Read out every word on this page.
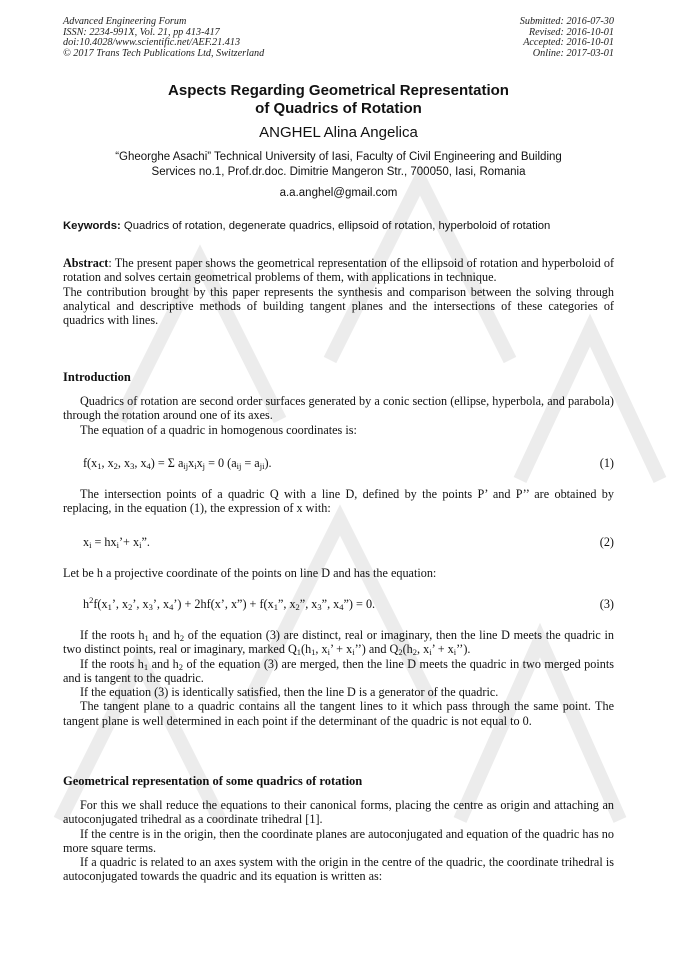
Advanced Engineering Forum
ISSN: 2234-991X, Vol. 21, pp 413-417
doi:10.4028/www.scientific.net/AEF.21.413
© 2017 Trans Tech Publications Ltd, Switzerland
Submitted: 2016-07-30
Revised: 2016-10-01
Accepted: 2016-10-01
Online: 2017-03-01
Aspects Regarding Geometrical Representation
of Quadrics of Rotation
ANGHEL Alina Angelica
“Gheorghe Asachi” Technical University of Iasi, Faculty of Civil Engineering and Building
Services no.1, Prof.dr.doc. Dimitrie Mangeron Str., 700050, Iasi, Romania
a.a.anghel@gmail.com
Keywords: Quadrics of rotation, degenerate quadrics, ellipsoid of rotation, hyperboloid of rotation

Abstract: The present paper shows the geometrical representation of the ellipsoid of rotation and hyperboloid of rotation and solves certain geometrical problems of them, with applications in technique.

The contribution brought by this paper represents the synthesis and comparison between the solving through analytical and descriptive methods of building tangent planes and the intersections of these categories of quadrics with lines.

Introduction

Quadrics of rotation are second order surfaces generated by a conic section (ellipse, hyperbola, and parabola) through the rotation around one of its axes.

The equation of a quadric in homogenous coordinates is:

$f(x_1$, $x_2$, $x_3$, $x_4) = \Sigma$ $a_{ij}x_ix_j = 0$ $(a_{ij} = a_{ji})$.	(1)

The intersection points of a quadric Q with a line D, defined by the points P’ and P’’ are obtained by replacing, in the equation (1), the expression of x with:

$x_i$ = $hx_i’+ x_i$”.	(2)

Let be h a projective coordinate of the points on line D and has the equation:

$h^2f(x_1$’, $x_2$’, $x_3$’, $x_4’) + 2hf(x$’, x”) + $f(x_1$”, $x_2$”, $x_3$”, $x_4”) = 0$.	(3)

If the roots $h_1$ and $h_2$ of the equation (3) are distinct, real or imaginary, then the line D meets the quadric in two distinct points, real or imaginary, marked $Q_1(h_1$, $x_i$’ + $x_i$’’) and $Q_2(h_2$, $x_i$’ + $x_i$’’).

If the roots $h_1$ and $h_2$ of the equation (3) are merged, then the line D meets the quadric in two merged points and is tangent to the quadric.

If the equation (3) is identically satisfied, then the line D is a generator of the quadric.

The tangent plane to a quadric contains all the tangent lines to it which pass through the same point. The tangent plane is well determined in each point if the determinant of the quadric is not equal to 0.

Geometrical representation of some quadrics of rotation

For this we shall reduce the equations to their canonical forms, placing the centre as origin and attaching an autoconjugated trihedral as a coordinate trihedral [1].

If the centre is in the origin, then the coordinate planes are autoconjugated and equation of the quadric has no more square terms.

If a quadric is related to an axes system with the origin in the centre of the quadric, the coordinate trihedral is autoconjugated towards the quadric and its equation is written as:
